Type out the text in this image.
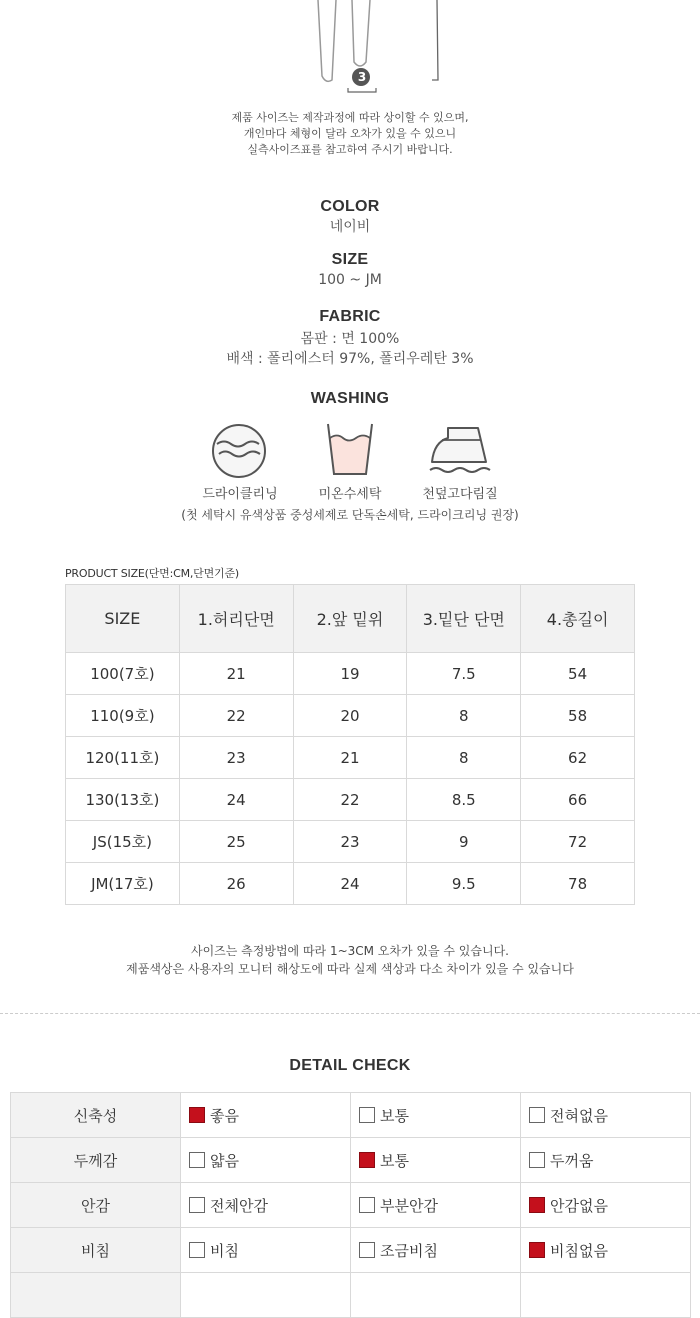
3
제품 사이즈는 제작과정에 따라 상이할 수 있으며,
개인마다 체형이 달라 오차가 있을 수 있으니
실측사이즈표를 참고하여 주시기 바랍니다.
COLOR
네이비
SIZE
100 ~ JM
FABRIC
몸판 : 면 100%
배색 : 폴리에스터 97%, 폴리우레탄 3%
WASHING
드라이클리닝	미온수세탁	천덮고다림질
(첫 세탁시 유색상품 중성세제로 단독손세탁, 드라이크리닝 권장)
PRODUCT SIZE(단면:CM,단면기준)
SIZE	1.허리단면	2.앞 밑위	3.밑단 단면	4.총길이
100(7호)	21	19	7.5	54
110(9호)	22	20	8	58
120(11호)	23	21	8	62
130(13호)	24	22	8.5	66
JS(15호)	25	23	9	72
JM(17호)	26	24	9.5	78
사이즈는 측정방법에 따라 1~3CM 오차가 있을 수 있습니다.
제품색상은 사용자의 모니터 해상도에 따라 실제 색상과 다소 차이가 있을 수 있습니다
DETAIL CHECK
신축성	좋음	보통	전혀없음

두께감	얇음	보통	두꺼움

안감	전체안감	부분안감	안감없음

비침	비침	조금비침	비침없음
